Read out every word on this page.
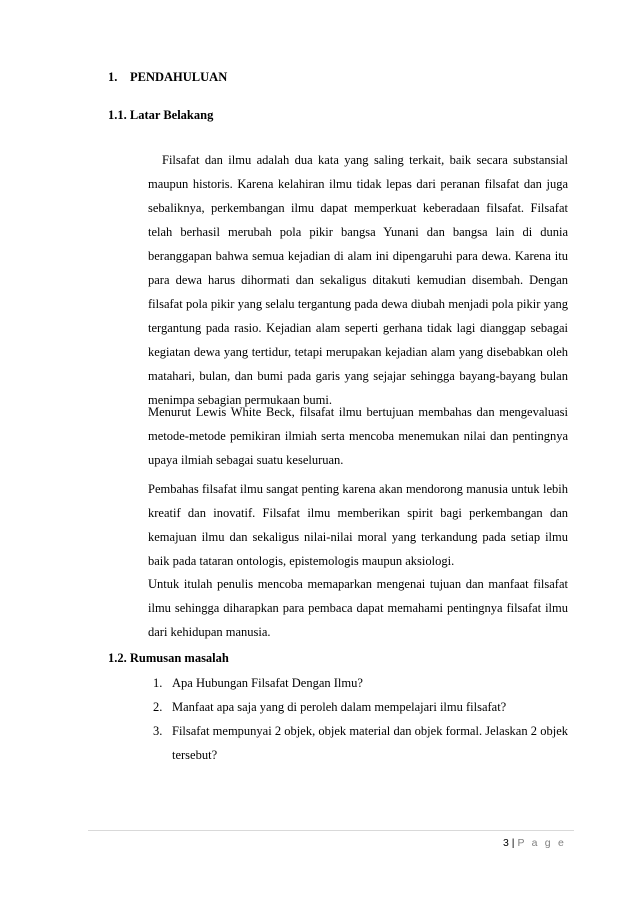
1. PENDAHULUAN
1.1. Latar Belakang
Filsafat dan ilmu adalah dua kata yang saling terkait, baik secara substansial maupun historis. Karena kelahiran ilmu tidak lepas dari peranan filsafat dan juga sebaliknya, perkembangan ilmu dapat memperkuat keberadaan filsafat. Filsafat telah berhasil merubah pola pikir bangsa Yunani dan bangsa lain di dunia beranggapan bahwa semua kejadian di alam ini dipengaruhi para dewa. Karena itu para dewa harus dihormati dan sekaligus ditakuti kemudian disembah. Dengan filsafat pola pikir yang selalu tergantung pada dewa diubah menjadi pola pikir yang tergantung pada rasio. Kejadian alam seperti gerhana tidak lagi dianggap sebagai kegiatan dewa yang tertidur, tetapi merupakan kejadian alam yang disebabkan oleh matahari, bulan, dan bumi pada garis yang sejajar sehingga bayang-bayang bulan menimpa sebagian permukaan bumi.
Menurut Lewis White Beck, filsafat ilmu bertujuan membahas dan mengevaluasi metode-metode pemikiran ilmiah serta mencoba menemukan nilai dan pentingnya upaya ilmiah sebagai suatu keseluruan.
Pembahas filsafat ilmu sangat penting karena akan mendorong manusia untuk lebih kreatif dan inovatif. Filsafat ilmu memberikan spirit bagi perkembangan dan kemajuan ilmu dan sekaligus nilai-nilai moral yang terkandung pada setiap ilmu baik pada tataran ontologis, epistemologis maupun aksiologi.
Untuk itulah penulis mencoba memaparkan mengenai tujuan dan manfaat filsafat ilmu sehingga diharapkan para pembaca dapat memahami pentingnya filsafat ilmu dari kehidupan manusia.
1.2. Rumusan masalah
1. Apa Hubungan Filsafat Dengan Ilmu?
2. Manfaat apa saja yang di peroleh dalam mempelajari ilmu filsafat?
3. Filsafat mempunyai 2 objek, objek material dan objek formal. Jelaskan 2 objek tersebut?
3 | P a g e
